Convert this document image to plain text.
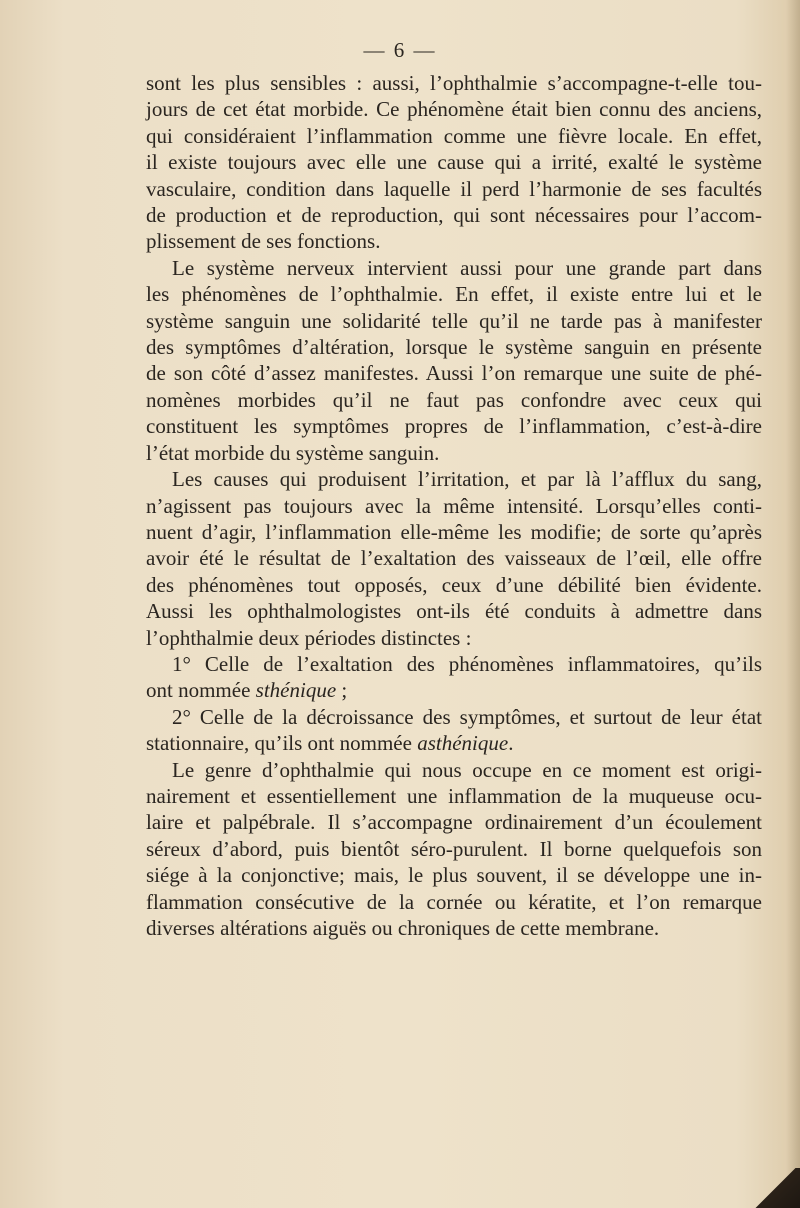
— 6 —
sont les plus sensibles : aussi, l’ophthalmie s’accompagne-t-elle tou-
jours de cet état morbide. Ce phénomène était bien connu des anciens,
qui considéraient l’inflammation comme une fièvre locale. En effet,
il existe toujours avec elle une cause qui a irrité, exalté le système
vasculaire, condition dans laquelle il perd l’harmonie de ses facultés
de production et de reproduction, qui sont nécessaires pour l’accom-
plissement de ses fonctions.
Le système nerveux intervient aussi pour une grande part dans
les phénomènes de l’ophthalmie. En effet, il existe entre lui et le
système sanguin une solidarité telle qu’il ne tarde pas à manifester
des symptômes d’altération, lorsque le système sanguin en présente
de son côté d’assez manifestes. Aussi l’on remarque une suite de phé-
nomènes morbides qu’il ne faut pas confondre avec ceux qui
constituent les symptômes propres de l’inflammation, c’est-à-dire
l’état morbide du système sanguin.
Les causes qui produisent l’irritation, et par là l’afflux du sang,
n’agissent pas toujours avec la même intensité. Lorsqu’elles conti-
nuent d’agir, l’inflammation elle-même les modifie; de sorte qu’après
avoir été le résultat de l’exaltation des vaisseaux de l’œil, elle offre
des phénomènes tout opposés, ceux d’une débilité bien évidente.
Aussi les ophthalmologistes ont-ils été conduits à admettre dans
l’ophthalmie deux périodes distinctes :
1° Celle de l’exaltation des phénomènes inflammatoires, qu’ils
ont nommée sthénique ;
2° Celle de la décroissance des symptômes, et surtout de leur état
stationnaire, qu’ils ont nommée asthénique.
Le genre d’ophthalmie qui nous occupe en ce moment est origi-
nairement et essentiellement une inflammation de la muqueuse ocu-
laire et palpébrale. Il s’accompagne ordinairement d’un écoulement
séreux d’abord, puis bientôt séro-purulent. Il borne quelquefois son
siége à la conjonctive; mais, le plus souvent, il se développe une in-
flammation consécutive de la cornée ou kératite, et l’on remarque
diverses altérations aiguës ou chroniques de cette membrane.
